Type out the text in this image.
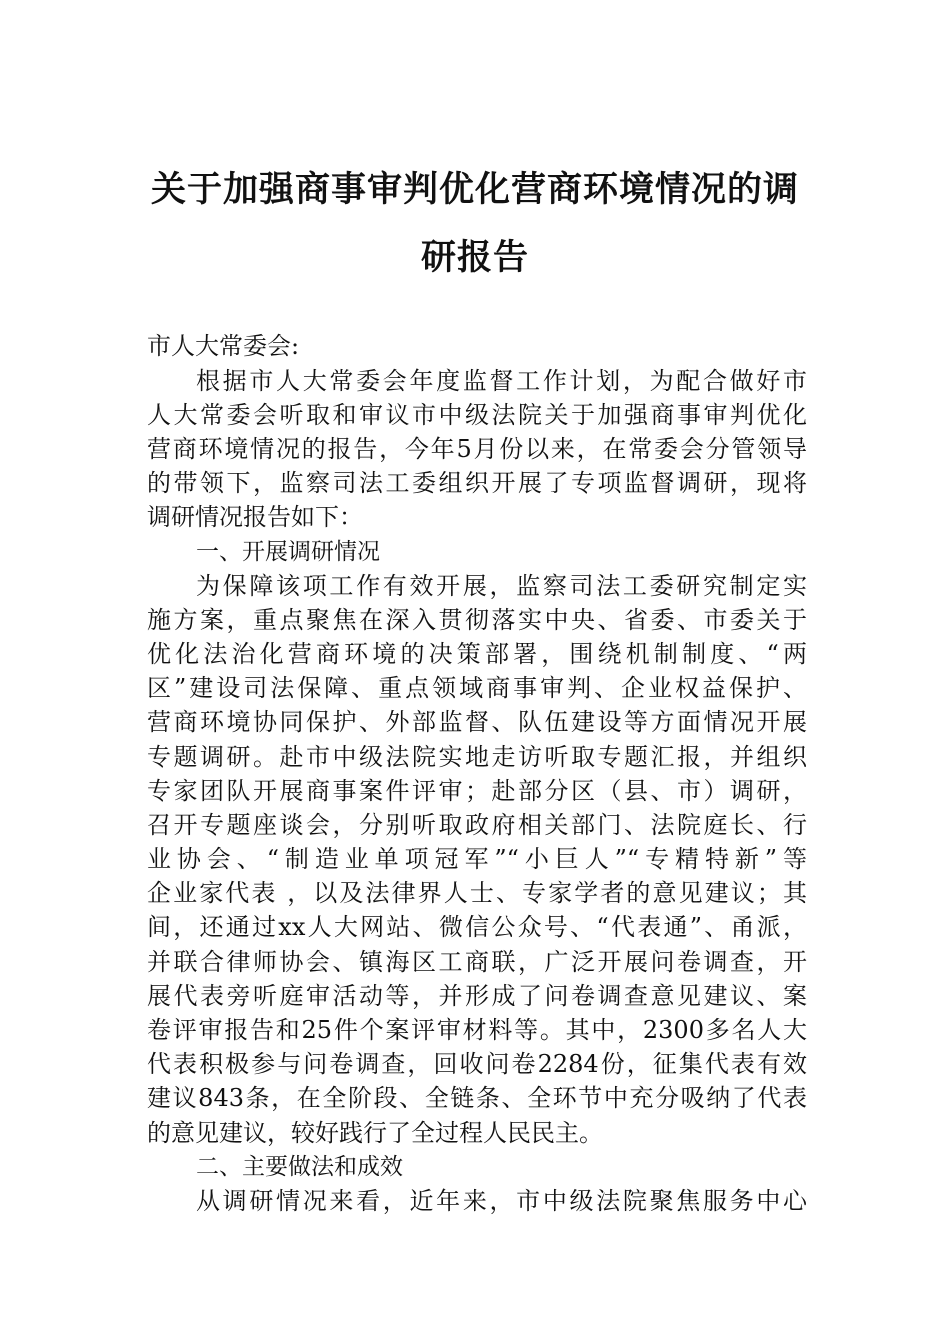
关于加强商事审判优化营商环境情况的调
研报告
市人大常委会:
根据市人大常委会年度监督工作计划，为配合做好市
人大常委会听取和审议市中级法院关于加强商事审判优化
营商环境情况的报告，今年5月份以来，在常委会分管领导
的带领下，监察司法工委组织开展了专项监督调研，现将
调研情况报告如下：
一、开展调研情况
为保障该项工作有效开展，监察司法工委研究制定实
施方案，重点聚焦在深入贯彻落实中央、省委、市委关于
优化法治化营商环境的决策部署，围绕机制制度、“两
区”建设司法保障、重点领域商事审判、企业权益保护、
营商环境协同保护、外部监督、队伍建设等方面情况开展
专题调研。赴市中级法院实地走访听取专题汇报，并组织
专家团队开展商事案件评审；赴部分区（县、市）调研，
召开专题座谈会，分别听取政府相关部门、法院庭长、行
业协会、“制造业单项冠军”“小巨人”“专精特新”等
企业家代表 ，以及法律界人士、专家学者的意见建议；其
间，还通过xx人大网站、微信公众号、“代表通”、甬派，
并联合律师协会、镇海区工商联，广泛开展问卷调查，开
展代表旁听庭审活动等，并形成了问卷调查意见建议、案
卷评审报告和25件个案评审材料等。其中，2300多名人大
代表积极参与问卷调查，回收问卷2284份，征集代表有效
建议843条，在全阶段、全链条、全环节中充分吸纳了代表
的意见建议，较好践行了全过程人民民主。
二、主要做法和成效
从调研情况来看，近年来，市中级法院聚焦服务中心
